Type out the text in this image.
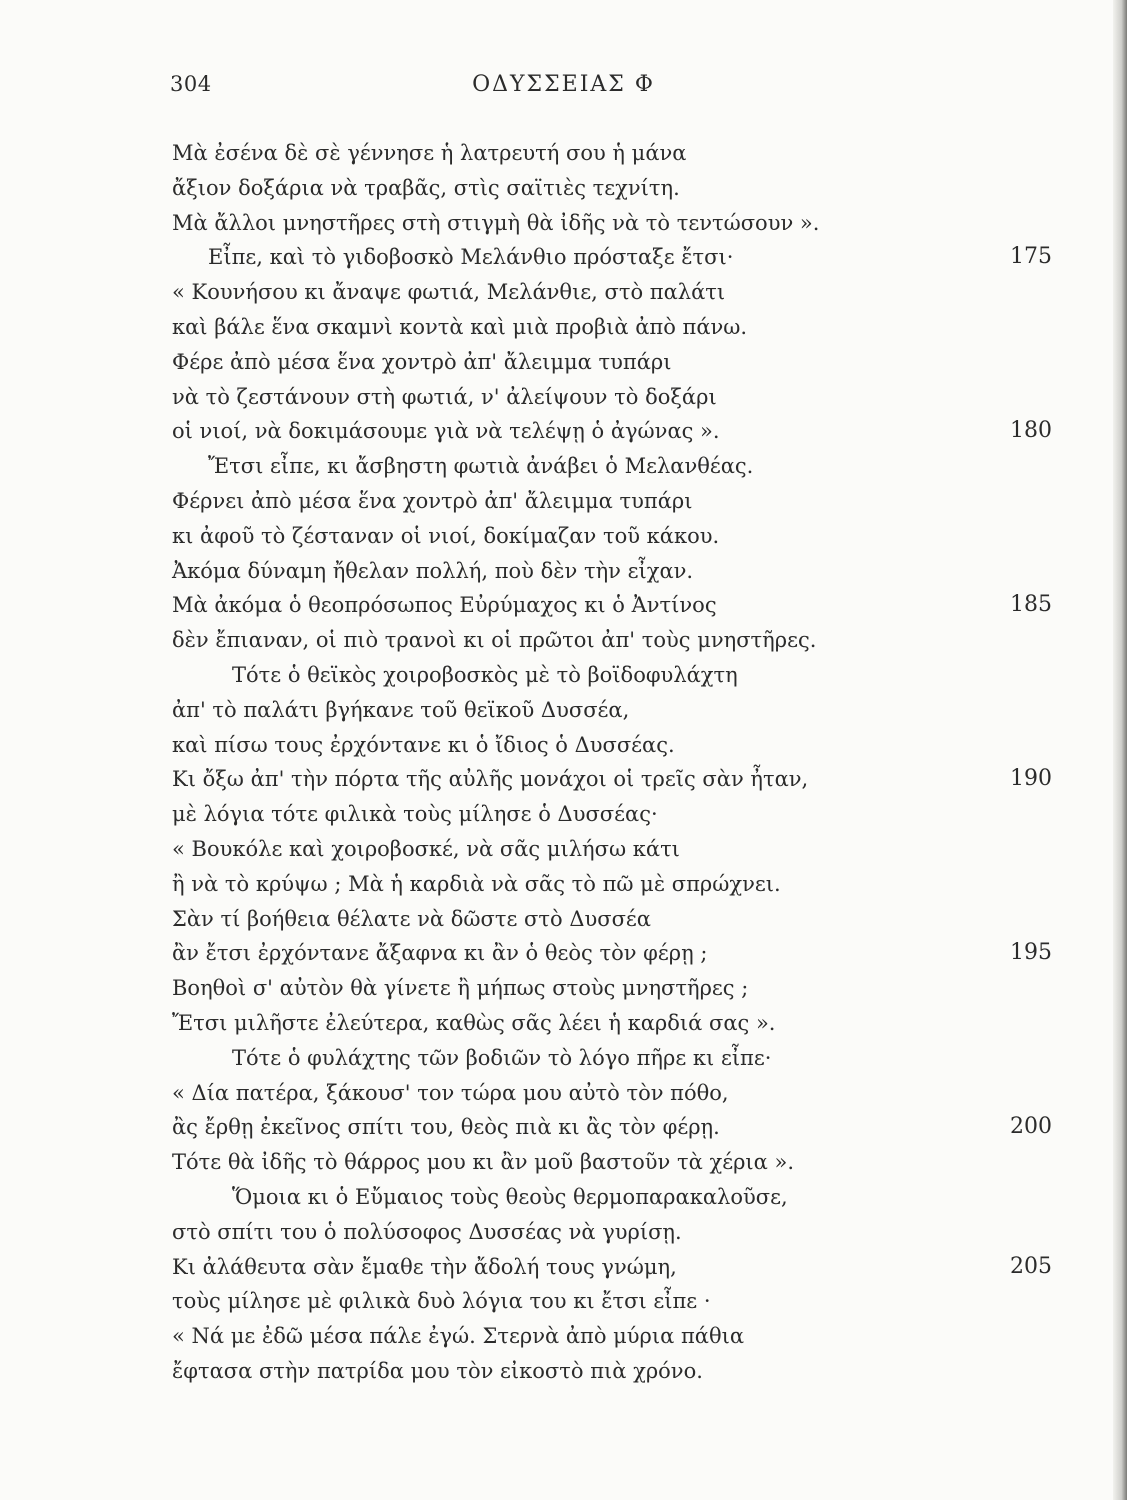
304	ΟΔΥΣΣΕΙΑΣ Φ
Μὰ ἐσένα δὲ σὲ γέννησε ἡ λατρευτή σου ἡ μάνα
ἄξιον δοξάρια νὰ τραβᾶς, στὶς σαϊτιὲς τεχνίτη.
Μὰ ἄλλοι μνηστῆρες στὴ στιγμὴ θὰ ἰδῆς νὰ τὸ τεντώσουν ».
Εἶπε, καὶ τὸ γιδοβοσκὸ Μελάνθιο πρόσταξε ἔτσι·	175
« Κουνήσου κι ἄναψε φωτιά, Μελάνθιε, στὸ παλάτι
καὶ βάλε ἕνα σκαμνὶ κοντὰ καὶ μιὰ προβιὰ ἀπὸ πάνω.
Φέρε ἀπὸ μέσα ἕνα χοντρὸ ἀπ' ἄλειμμα τυπάρι
νὰ τὸ ζεστάνουν στὴ φωτιά, ν' ἀλείψουν τὸ δοξάρι
οἱ νιοί, νὰ δοκιμάσουμε γιὰ νὰ τελέψῃ ὁ ἀγώνας ».	180
Ἔτσι εἶπε, κι ἄσβηστη φωτιὰ ἀνάβει ὁ Μελανθέας.
Φέρνει ἀπὸ μέσα ἕνα χοντρὸ ἀπ' ἄλειμμα τυπάρι
κι ἀφοῦ τὸ ζέσταναν οἱ νιοί, δοκίμαζαν τοῦ κάκου.
Ἀκόμα δύναμη ἤθελαν πολλή, ποὺ δὲν τὴν εἶχαν.
Μὰ ἀκόμα ὁ θεοπρόσωπος Εὐρύμαχος κι ὁ Ἀντίνος	185
δὲν ἔπιαναν, οἱ πιὸ τρανοὶ κι οἱ πρῶτοι ἀπ' τοὺς μνηστῆρες.
Τότε ὁ θεϊκὸς χοιροβοσκὸς μὲ τὸ βοϊδοφυλάχτη
ἀπ' τὸ παλάτι βγήκανε τοῦ θεϊκοῦ Δυσσέα,
καὶ πίσω τους ἐρχόντανε κι ὁ ἴδιος ὁ Δυσσέας.
Κι ὄξω ἀπ' τὴν πόρτα τῆς αὐλῆς μονάχοι οἱ τρεῖς σὰν ἦταν,	190
μὲ λόγια τότε φιλικὰ τοὺς μίλησε ὁ Δυσσέας·
« Βουκόλε καὶ χοιροβοσκέ, νὰ σᾶς μιλήσω κάτι
ἢ νὰ τὸ κρύψω ; Μὰ ἡ καρδιὰ νὰ σᾶς τὸ πῶ μὲ σπρώχνει.
Σὰν τί βοήθεια θέλατε νὰ δῶστε στὸ Δυσσέα
ἂν ἔτσι ἐρχόντανε ἄξαφνα κι ἂν ὁ θεὸς τὸν φέρῃ ;	195
Βοηθοὶ σ' αὐτὸν θὰ γίνετε ἢ μήπως στοὺς μνηστῆρες ;
Ἔτσι μιλῆστε ἐλεύτερα, καθὼς σᾶς λέει ἡ καρδιά σας ».
Τότε ὁ φυλάχτης τῶν βοδιῶν τὸ λόγο πῆρε κι εἶπε·
« Δία πατέρα, ξάκουσ' τον τώρα μου αὐτὸ τὸν πόθο,
ἂς ἔρθῃ ἐκεῖνος σπίτι του, θεὸς πιὰ κι ἂς τὸν φέρῃ.	200
Τότε θὰ ἰδῆς τὸ θάρρος μου κι ἂν μοῦ βαστοῦν τὰ χέρια ».
Ὅμοια κι ὁ Εὔμαιος τοὺς θεοὺς θερμοπαρακαλοῦσε,
στὸ σπίτι του ὁ πολύσοφος Δυσσέας νὰ γυρίσῃ.
Κι ἀλάθευτα σὰν ἔμαθε τὴν ἄδολή τους γνώμη,	205
τοὺς μίλησε μὲ φιλικὰ δυὸ λόγια του κι ἔτσι εἶπε ·
« Νά με ἐδῶ μέσα πάλε ἐγώ. Στερνὰ ἀπὸ μύρια πάθια
ἔφτασα στὴν πατρίδα μου τὸν εἰκοστὸ πιὰ χρόνο.
